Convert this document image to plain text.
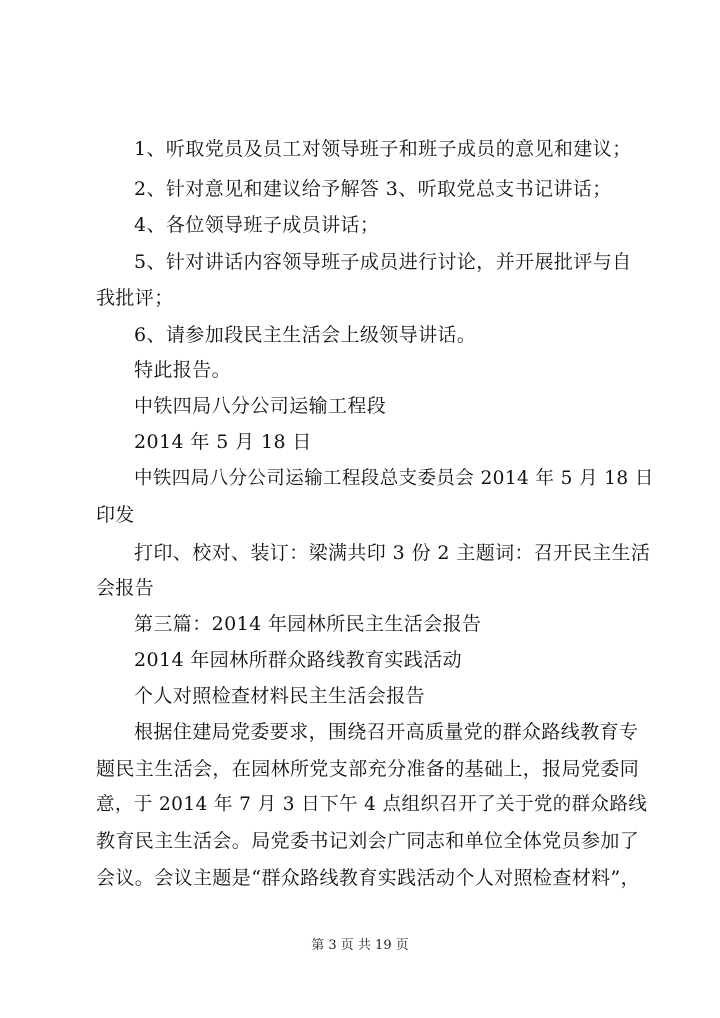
1、听取党员及员工对领导班子和班子成员的意见和建议；
2、针对意见和建议给予解答 3、听取党总支书记讲话；
4、各位领导班子成员讲话；
5、针对讲话内容领导班子成员进行讨论，并开展批评与自
我批评；
6、请参加段民主生活会上级领导讲话。
特此报告。
中铁四局八分公司运输工程段
2014 年 5 月 18 日
中铁四局八分公司运输工程段总支委员会 2014 年 5 月 18 日
印发
打印、校对、装订：梁满共印 3 份 2 主题词：召开民主生活
会报告
第三篇：2014 年园林所民主生活会报告
2014 年园林所群众路线教育实践活动
个人对照检查材料民主生活会报告
根据住建局党委要求，围绕召开高质量党的群众路线教育专
题民主生活会，在园林所党支部充分准备的基础上，报局党委同
意，于 2014 年 7 月 3 日下午 4 点组织召开了关于党的群众路线
教育民主生活会。局党委书记刘会广同志和单位全体党员参加了
会议。会议主题是“群众路线教育实践活动个人对照检查材料”，
第 3 页 共 19 页
